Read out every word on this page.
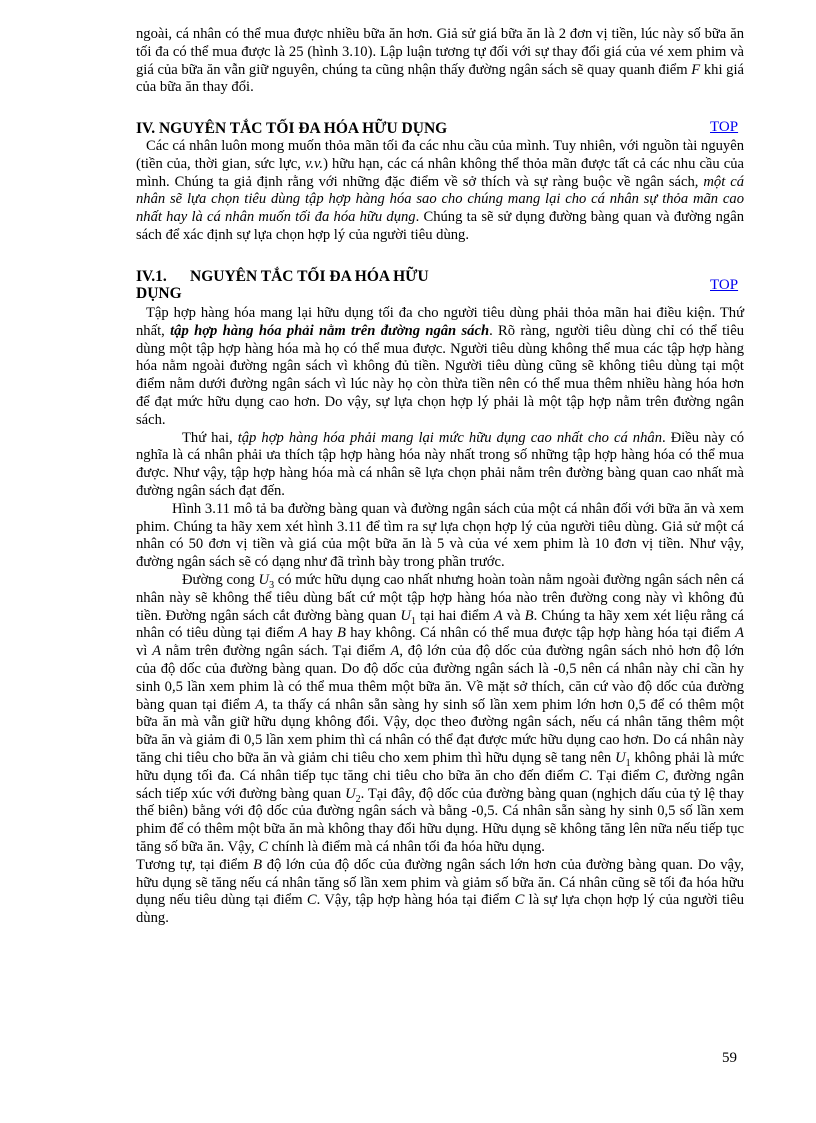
ngoài, cá nhân có thể mua được nhiều bữa ăn hơn. Giả sử giá bữa ăn là 2 đơn vị tiền, lúc này số bữa ăn tối đa có thể mua được là 25 (hình 3.10). Lập luận tương tự đối với sự thay đổi giá của vé xem phim và giá của bữa ăn vẫn giữ nguyên, chúng ta cũng nhận thấy đường ngân sách sẽ quay quanh điểm F khi giá của bữa ăn thay đổi.

IV. NGUYÊN TẮC TỐI ĐA HÓA HỮU DỤNG	TOP

Các cá nhân luôn mong muốn thỏa mãn tối đa các nhu cầu của mình. Tuy nhiên, với nguồn tài nguyên (tiền của, thời gian, sức lực, v.v.) hữu hạn, các cá nhân không thể thỏa mãn được tất cả các nhu cầu của mình. Chúng ta giả định rằng với những đặc điểm về sở thích và sự ràng buộc về ngân sách, một cá nhân sẽ lựa chọn tiêu dùng tập hợp hàng hóa sao cho chúng mang lại cho cá nhân sự thỏa mãn cao nhất hay là cá nhân muốn tối đa hóa hữu dụng. Chúng ta sẽ sử dụng đường bàng quan và đường ngân sách để xác định sự lựa chọn hợp lý của người tiêu dùng.

IV.1. NGUYÊN TẮC TỐI ĐA HÓA HỮU DỤNG	TOP

Tập hợp hàng hóa mang lại hữu dụng tối đa cho người tiêu dùng phải thỏa mãn hai điều kiện. Thứ nhất, tập hợp hàng hóa phải nằm trên đường ngân sách. Rõ ràng, người tiêu dùng chỉ có thể tiêu dùng một tập hợp hàng hóa mà họ có thể mua được. Người tiêu dùng không thể mua các tập hợp hàng hóa nằm ngoài đường ngân sách vì không đủ tiền. Người tiêu dùng cũng sẽ không tiêu dùng tại một điểm nằm dưới đường ngân sách vì lúc này họ còn thừa tiền nên có thể mua thêm nhiều hàng hóa hơn để đạt mức hữu dụng cao hơn. Do vậy, sự lựa chọn hợp lý phải là một tập hợp nằm trên đường ngân sách.

Thứ hai, tập hợp hàng hóa phải mang lại mức hữu dụng cao nhất cho cá nhân. Điều này có nghĩa là cá nhân phải ưa thích tập hợp hàng hóa này nhất trong số những tập hợp hàng hóa có thể mua được. Như vậy, tập hợp hàng hóa mà cá nhân sẽ lựa chọn phải nằm trên đường bàng quan cao nhất mà đường ngân sách đạt đến.

Hình 3.11 mô tả ba đường bàng quan và đường ngân sách của một cá nhân đối với bữa ăn và xem phim. Chúng ta hãy xem xét hình 3.11 để tìm ra sự lựa chọn hợp lý của người tiêu dùng. Giả sử một cá nhân có 50 đơn vị tiền và giá của một bữa ăn là 5 và của vé xem phim là 10 đơn vị tiền. Như vậy, đường ngân sách sẽ có dạng như đã trình bày trong phần trước.

Đường cong $U_3$ có mức hữu dụng cao nhất nhưng hoàn toàn nằm ngoài đường ngân sách nên cá nhân này sẽ không thể tiêu dùng bất cứ một tập hợp hàng hóa nào trên đường cong này vì không đủ tiền. Đường ngân sách cắt đường bàng quan $U_1$ tại hai điểm A và B. Chúng ta hãy xem xét liệu rằng cá nhân có tiêu dùng tại điểm A hay B hay không. Cá nhân có thể mua được tập hợp hàng hóa tại điểm A vì A nằm trên đường ngân sách. Tại điểm A, độ lớn của độ dốc của đường ngân sách nhỏ hơn độ lớn của độ dốc của đường bàng quan. Do độ dốc của đường ngân sách là -0,5 nên cá nhân này chỉ cần hy sinh 0,5 lần xem phim là có thể mua thêm một bữa ăn. Về mặt sở thích, căn cứ vào độ dốc của đường bàng quan tại điểm A, ta thấy cá nhân sẵn sàng hy sinh số lần xem phim lớn hơn 0,5 để có thêm một bữa ăn mà vẫn giữ hữu dụng không đổi. Vậy, dọc theo đường ngân sách, nếu cá nhân tăng thêm một bữa ăn và giảm đi 0,5 lần xem phim thì cá nhân có thể đạt được mức hữu dụng cao hơn. Do cá nhân này tăng chi tiêu cho bữa ăn và giảm chi tiêu cho xem phim thì hữu dụng sẽ tang nên $U_1$ không phải là mức hữu dụng tối đa. Cá nhân tiếp tục tăng chi tiêu cho bữa ăn cho đến điểm C. Tại điểm C, đường ngân sách tiếp xúc với đường bàng quan $U_2$. Tại đây, độ dốc của đường bàng quan (nghịch dấu của tỷ lệ thay thế biên) bằng với độ dốc của đường ngân sách và bằng -0,5. Cá nhân sẵn sàng hy sinh 0,5 số lần xem phim để có thêm một bữa ăn mà không thay đổi hữu dụng. Hữu dụng sẽ không tăng lên nữa nếu tiếp tục tăng số bữa ăn. Vậy, C chính là điểm mà cá nhân tối đa hóa hữu dụng.

Tương tự, tại điểm B độ lớn của độ dốc của đường ngân sách lớn hơn của đường bàng quan. Do vậy, hữu dụng sẽ tăng nếu cá nhân tăng số lần xem phim và giảm số bữa ăn. Cá nhân cũng sẽ tối đa hóa hữu dụng nếu tiêu dùng tại điểm C. Vậy, tập hợp hàng hóa tại điểm C là sự lựa chọn hợp lý của người tiêu dùng.

59
